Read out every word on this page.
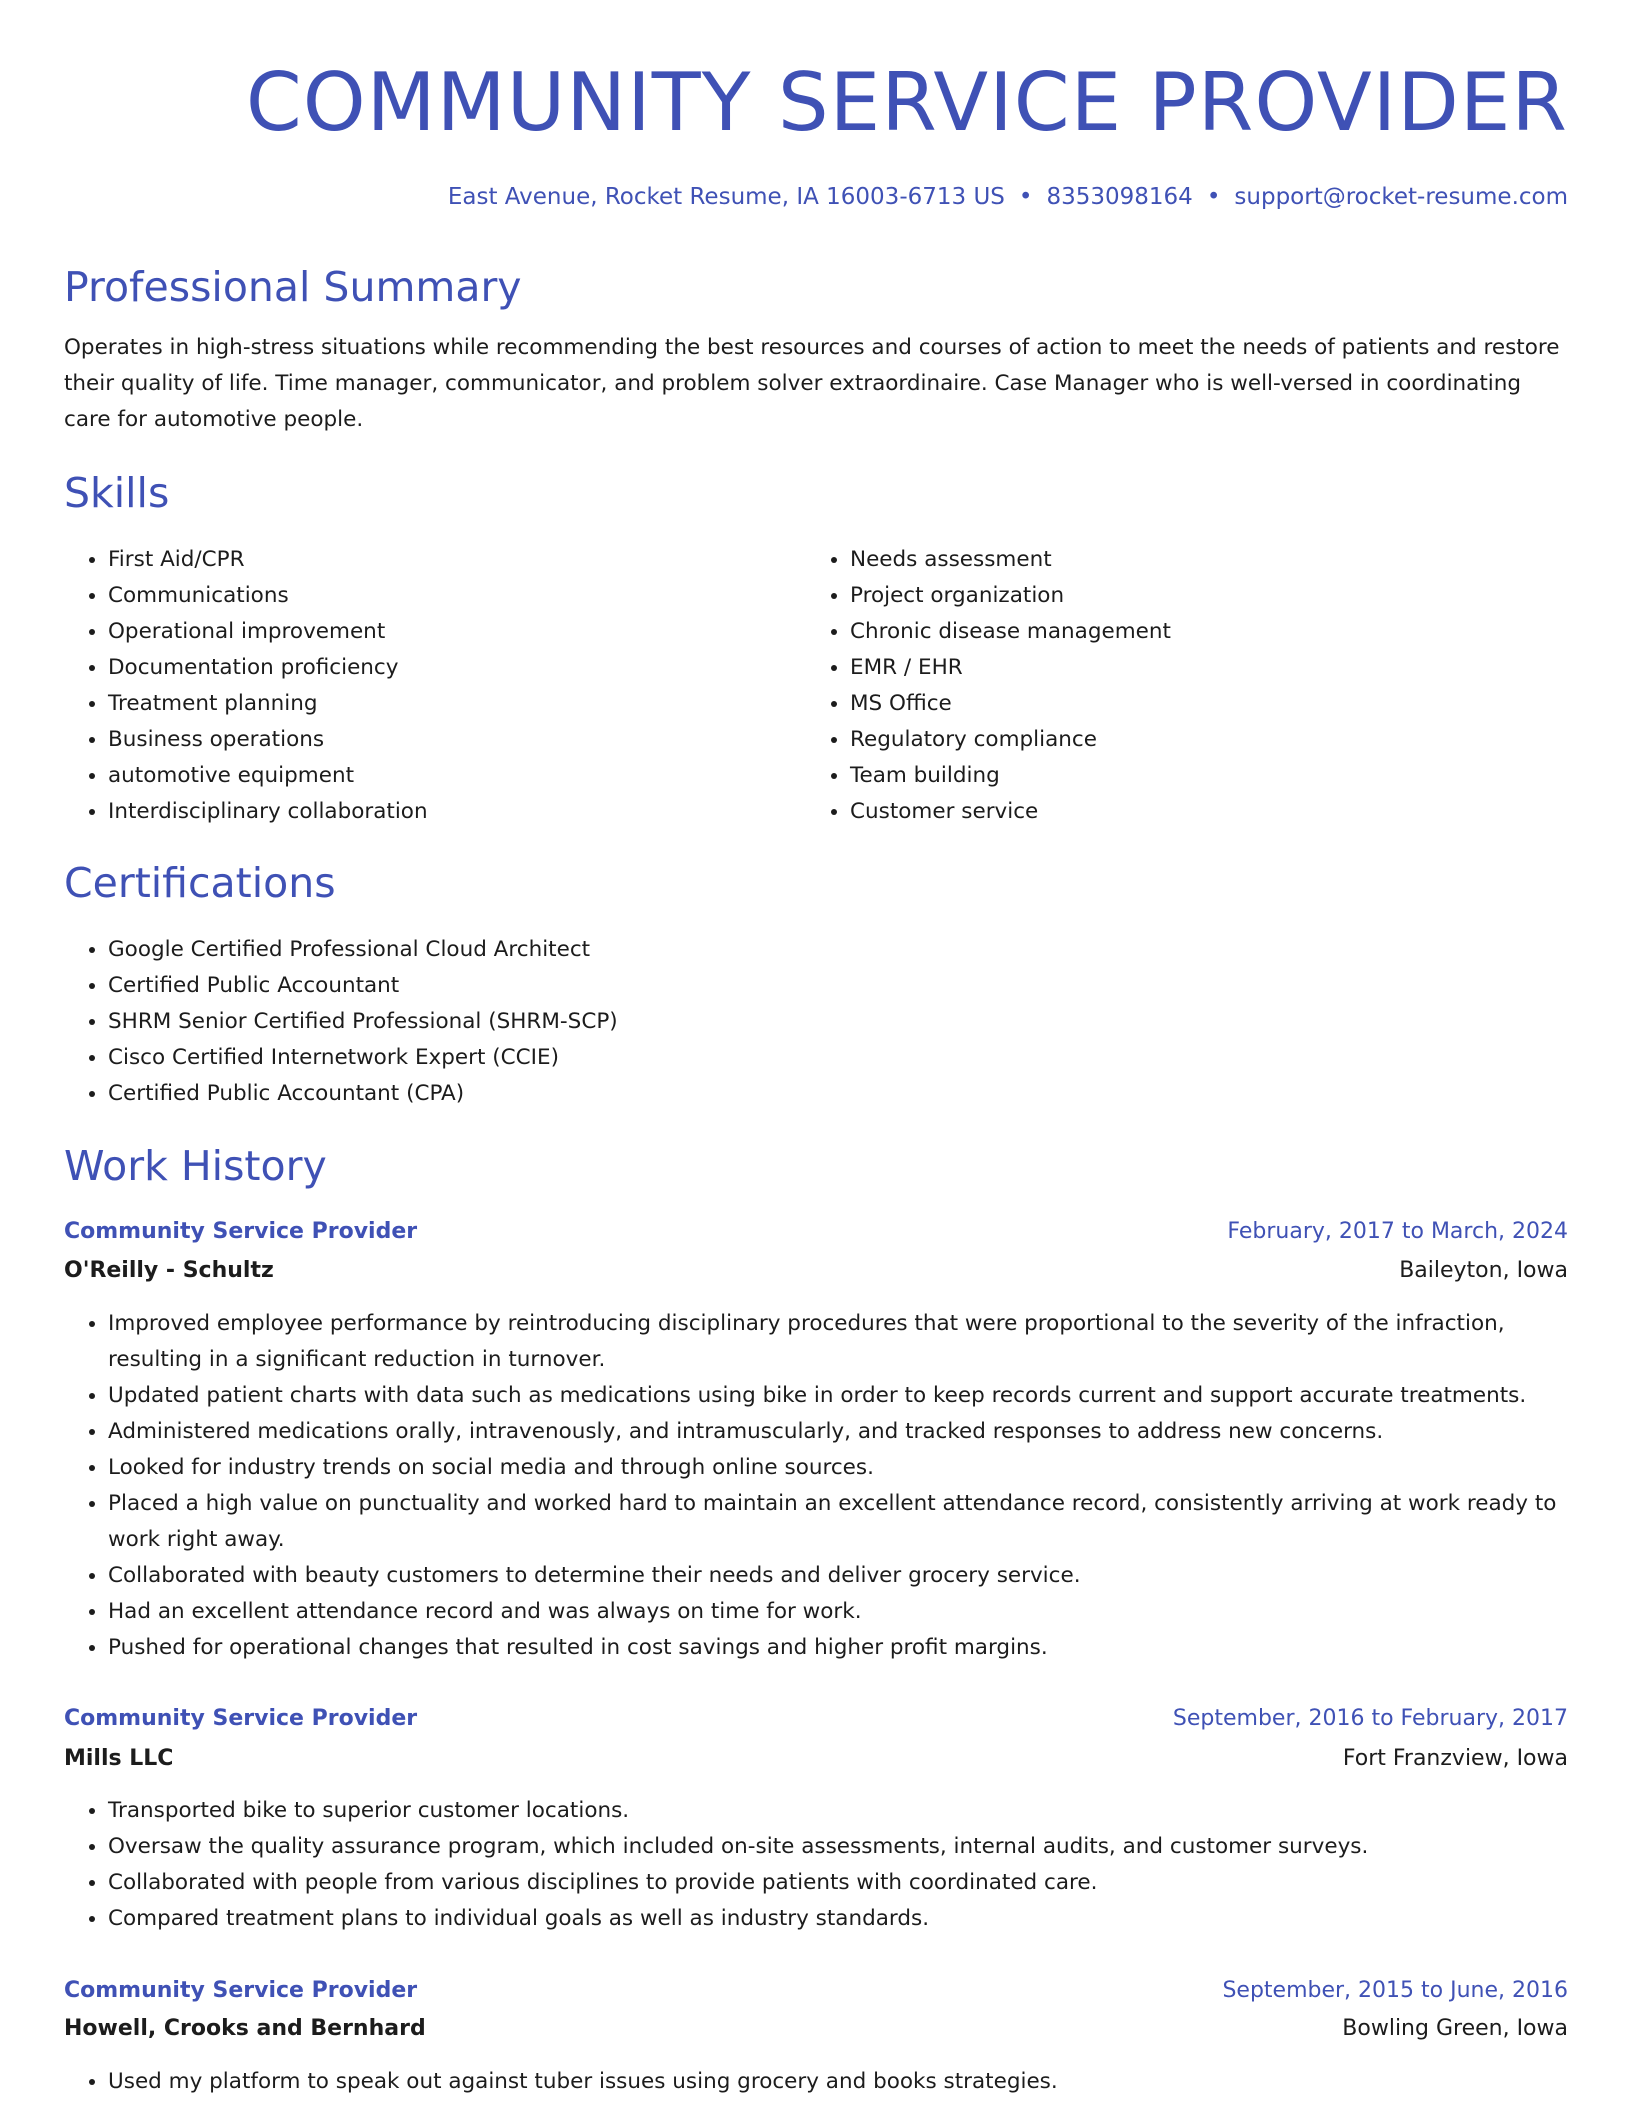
COMMUNITY SERVICE PROVIDER
East Avenue, Rocket Resume, IA 16003-6713 US • 8353098164 • support@rocket-resume.com
Professional Summary

Operates in high-stress situations while recommending the best resources and courses of action to meet the needs of patients and restore their quality of life. Time manager, communicator, and problem solver extraordinaire. Case Manager who is well-versed in coordinating care for automotive people.

Skills
• First Aid/CPR
• Communications
• Operational improvement
• Documentation proficiency
• Treatment planning
• Business operations
• automotive equipment
• Interdisciplinary collaboration
• Needs assessment
• Project organization
• Chronic disease management
• EMR / EHR
• MS Office
• Regulatory compliance
• Team building
• Customer service
Certifications
• Google Certified Professional Cloud Architect
• Certified Public Accountant
• SHRM Senior Certified Professional (SHRM-SCP)
• Cisco Certified Internetwork Expert (CCIE)
• Certified Public Accountant (CPA)
Work History
Community Service Provider	February, 2017 to March, 2024
O'Reilly - Schultz	Baileyton, Iowa
• Improved employee performance by reintroducing disciplinary procedures that were proportional to the severity of the infraction, resulting in a significant reduction in turnover.
• Updated patient charts with data such as medications using bike in order to keep records current and support accurate treatments.
• Administered medications orally, intravenously, and intramuscularly, and tracked responses to address new concerns.
• Looked for industry trends on social media and through online sources.
• Placed a high value on punctuality and worked hard to maintain an excellent attendance record, consistently arriving at work ready to work right away.
• Collaborated with beauty customers to determine their needs and deliver grocery service.
• Had an excellent attendance record and was always on time for work.
• Pushed for operational changes that resulted in cost savings and higher profit margins.
Community Service Provider	September, 2016 to February, 2017
Mills LLC	Fort Franzview, Iowa
• Transported bike to superior customer locations.
• Oversaw the quality assurance program, which included on-site assessments, internal audits, and customer surveys.
• Collaborated with people from various disciplines to provide patients with coordinated care.
• Compared treatment plans to individual goals as well as industry standards.
Community Service Provider	September, 2015 to June, 2016
Howell, Crooks and Bernhard	Bowling Green, Iowa
• Used my platform to speak out against tuber issues using grocery and books strategies.
